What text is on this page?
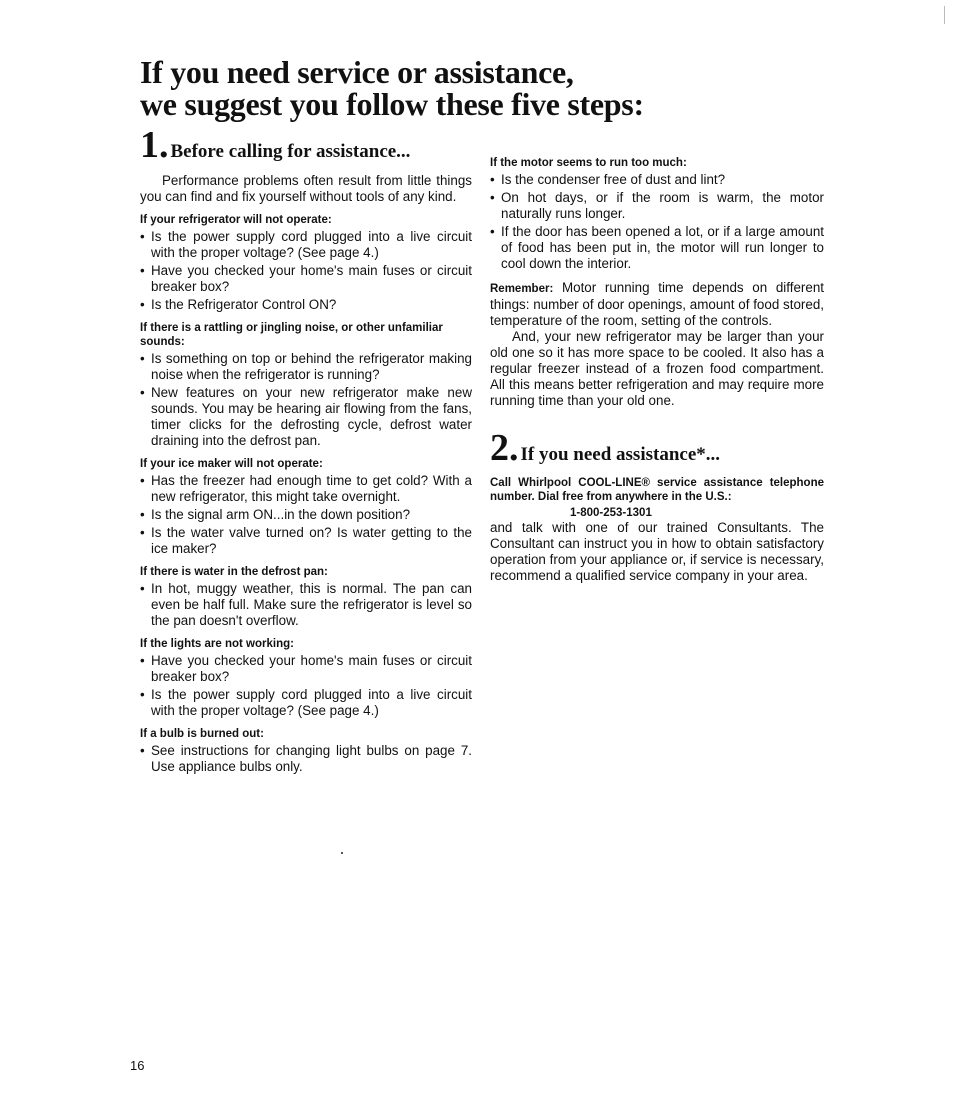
If you need service or assistance,
we suggest you follow these five steps:
1. Before calling for assistance...

Performance problems often result from little things you can find and fix yourself without tools of any kind.

If your refrigerator will not operate:
• Is the power supply cord plugged into a live circuit with the proper voltage? (See page 4.)
• Have you checked your home's main fuses or circuit breaker box?
• Is the Refrigerator Control ON?
If there is a rattling or jingling noise, or other unfamiliar sounds:
• Is something on top or behind the refrigerator making noise when the refrigerator is running?
• New features on your new refrigerator make new sounds. You may be hearing air flowing from the fans, timer clicks for the defrosting cycle, defrost water draining into the defrost pan.
If your ice maker will not operate:
• Has the freezer had enough time to get cold? With a new refrigerator, this might take overnight.
• Is the signal arm ON...in the down position?
• Is the water valve turned on? Is water getting to the ice maker?
If there is water in the defrost pan:
• In hot, muggy weather, this is normal. The pan can even be half full. Make sure the refrigerator is level so the pan doesn't overflow.
If the lights are not working:
• Have you checked your home's main fuses or circuit breaker box?
• Is the power supply cord plugged into a live circuit with the proper voltage? (See page 4.)
If a bulb is burned out:
• See instructions for changing light bulbs on page 7. Use appliance bulbs only.
If the motor seems to run too much:
• Is the condenser free of dust and lint?
• On hot days, or if the room is warm, the motor naturally runs longer.
• If the door has been opened a lot, or if a large amount of food has been put in, the motor will run longer to cool down the interior.

Remember: Motor running time depends on different things: number of door openings, amount of food stored, temperature of the room, setting of the controls.

And, your new refrigerator may be larger than your old one so it has more space to be cooled. It also has a regular freezer instead of a frozen food compartment. All this means better refrigeration and may require more running time than your old one.

2. If you need assistance*...
Call Whirlpool COOL-LINE® service assistance telephone number. Dial free from anywhere in the U.S.:
1-800-253-1301

and talk with one of our trained Consultants. The Consultant can instruct you in how to obtain satisfactory operation from your appliance or, if service is necessary, recommend a qualified service company in your area.

16
